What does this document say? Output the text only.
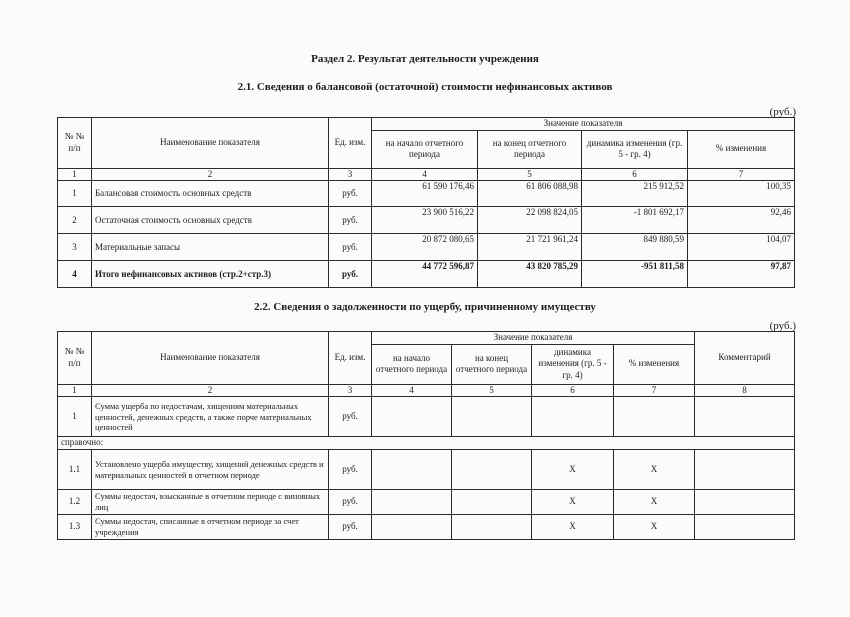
Раздел 2. Результат деятельности учреждения
2.1. Сведения о балансовой (остаточной) стоимости нефинансовых активов
(руб.)
№ № п/п	Наименование показателя	Ед. изм.	Значение показателя			
			на начало отчетного периода	на конец отчетного периода	динамика изменения (гр. 5 - гр. 4)	% изменения
1	2	3	4	5	6	7
1	Балансовая стоимость основных средств	руб.	61 590 176,46	61 806 088,98	215 912,52	100,35
2	Остаточная стоимость основных средств	руб.	23 900 516,22	22 098 824,05	-1 801 692,17	92,46
3	Материальные запасы	руб.	20 872 080,65	21 721 961,24	849 880,59	104,07
4	Итого нефинансовых активов (стр.2+стр.3)	руб.	44 772 596,87	43 820 785,29	-951 811,58	97,87
2.2. Сведения о задолженности по ущербу, причиненному имуществу
(руб.)
№ № п/п	Наименование показателя	Ед. изм.	Значение показателя				Комментарий
			на начало отчетного периода	на конец отчетного периода	динамика изменения (гр. 5 - гр. 4)	% изменения	
1	2	3	4	5	6	7	8
1	Сумма ущерба по недостачам, хищениям материальных ценностей, денежных средств, а также порче материальных ценностей	руб.					
справочно:							
1.1	Установлено ущерба имуществу, хищений денежных средств и материальных ценностей в отчетном периоде	руб.			X	X	
1.2	Суммы недостач, взысканные в отчетном периоде с виновных лиц	руб.			X	X	
1.3	Суммы недостач, списанные в отчетном периоде за счет учреждения	руб.			X	X	
